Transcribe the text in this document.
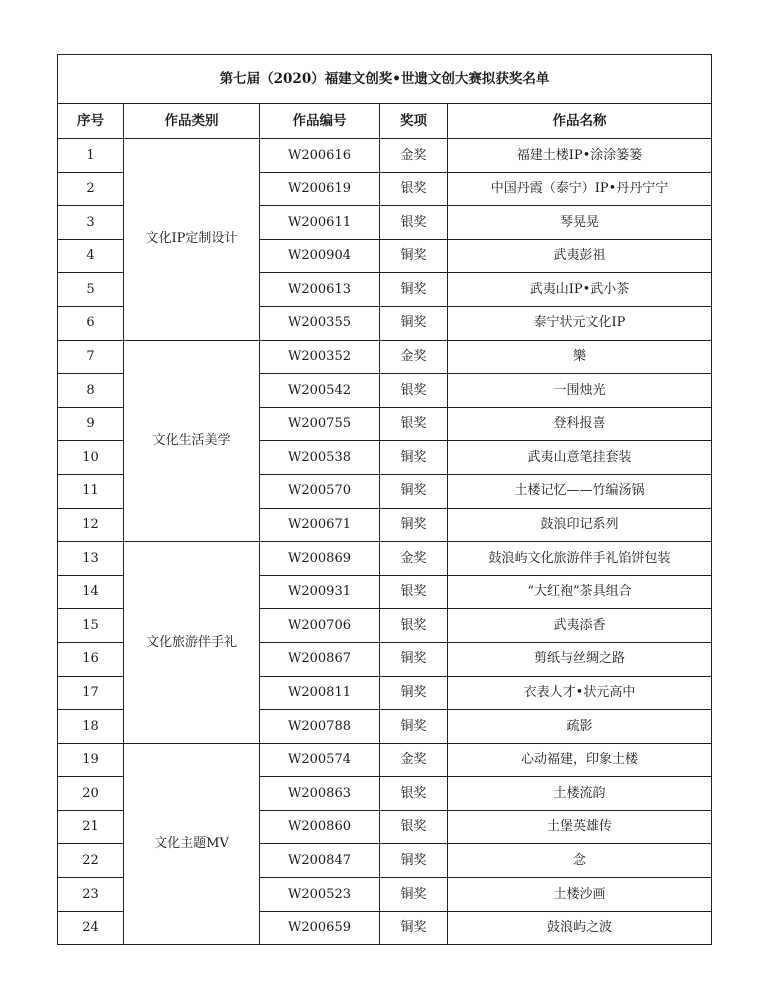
第七届（2020）福建文创奖•世遗文创大赛拟获奖名单				
序号	作品类别	作品编号	奖项	作品名称
1	文化IP定制设计	W200616	金奖	福建土楼IP•涂涂篓篓
2		W200619	银奖	中国丹霞（泰宁）IP•丹丹宁宁
3		W200611	银奖	琴晃晃
4		W200904	铜奖	武夷彭祖
5		W200613	铜奖	武夷山IP•武小茶
6		W200355	铜奖	泰宁状元文化IP
7	文化生活美学	W200352	金奖	樂
8		W200542	银奖	一围烛光
9		W200755	银奖	登科报喜
10		W200538	铜奖	武夷山意笔挂套装
11		W200570	铜奖	土楼记忆——竹编汤锅
12		W200671	铜奖	鼓浪印记系列
13	文化旅游伴手礼	W200869	金奖	鼓浪屿文化旅游伴手礼馅饼包装
14		W200931	银奖	“大红袍”茶具组合
15		W200706	银奖	武夷添香
16		W200867	铜奖	剪纸与丝绸之路
17		W200811	铜奖	衣表人才•状元高中
18		W200788	铜奖	疏影
19	文化主题MV	W200574	金奖	心动福建，印象土楼
20		W200863	银奖	土楼流韵
21		W200860	银奖	土堡英雄传
22		W200847	铜奖	念
23		W200523	铜奖	土楼沙画
24		W200659	铜奖	鼓浪屿之波
